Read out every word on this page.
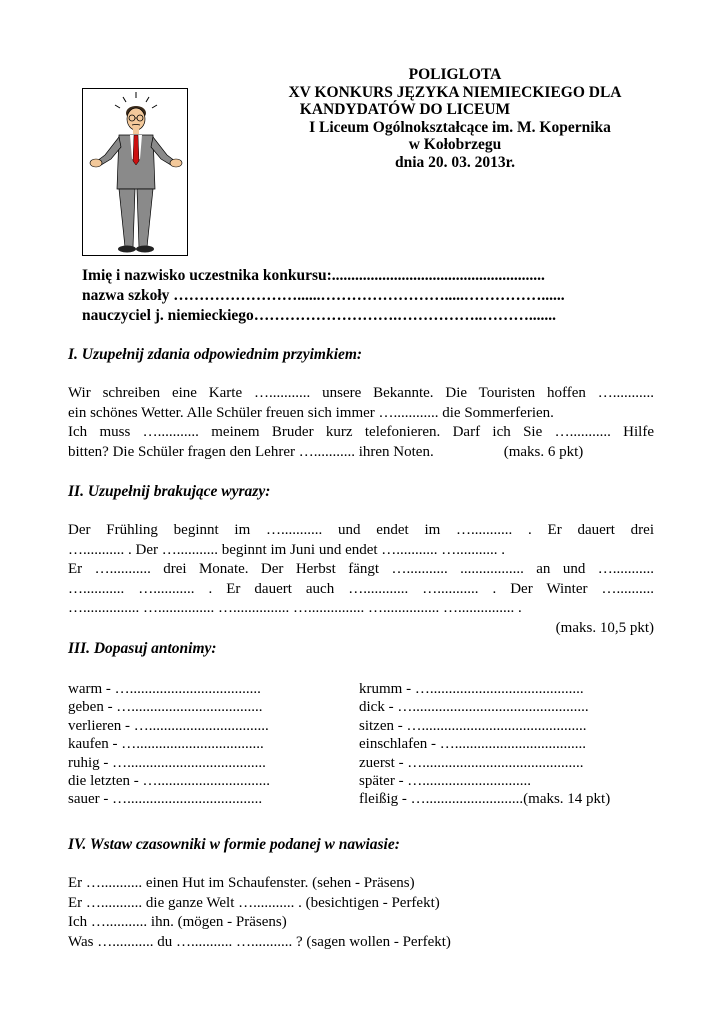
POLIGLOTA
XV KONKURS JĘZYKA NIEMIECKIEGO DLA
KANDYDATÓW DO LICEUM
I Liceum Ogólnokształcące im. M. Kopernika
w Kołobrzegu
dnia 20. 03. 2013r.
Imię i nazwisko uczestnika konkursu:.......................................................
nazwa szkoły ……………………......…………………….....……………......
nauczyciel j. niemieckiego……………………….……………..……….......
I. Uzupełnij zdania odpowiednim przyimkiem:
Wir schreiben eine Karte …........... unsere Bekannte. Die Touristen hoffen …...........
ein schönes Wetter. Alle Schüler freuen sich immer …............ die Sommerferien.
Ich muss …........... meinem Bruder kurz telefonieren. Darf ich Sie …........... Hilfe
bitten? Die Schüler fragen den Lehrer …........... ihren Noten.	(maks. 6 pkt)
II. Uzupełnij brakujące wyrazy:
Der Frühling beginnt im …........... und endet im …........... . Er dauert drei
…........... . Der …........... beginnt im Juni und endet …........... …........... .
Er …........... drei Monate. Der Herbst fängt …........... ................. an und …...........
…........... …........... . Er dauert auch …............ …........... . Der Winter …..........
…............... …............... …............... …............... …............... …............... .
(maks. 10,5 pkt)
III. Dopasuj antonimy:
warm - …...................................
geben - …...................................
verlieren - …................................
kaufen - …..................................
ruhig - ….....................................
die letzten - …..............................
sauer - …....................................
krumm - ….........................................
dick - …...............................................
sitzen - …............................................
einschlafen - …...................................
zuerst - …...........................................
später - ….............................
fleißig - …..........................(maks. 14 pkt)
IV. Wstaw czasowniki w formie podanej w nawiasie:
Er …........... einen Hut im Schaufenster. (sehen - Präsens)
Er …........... die ganze Welt …........... . (besichtigen - Perfekt)
Ich …........... ihn. (mögen - Präsens)
Was …........... du …........... …........... ? (sagen wollen - Perfekt)
